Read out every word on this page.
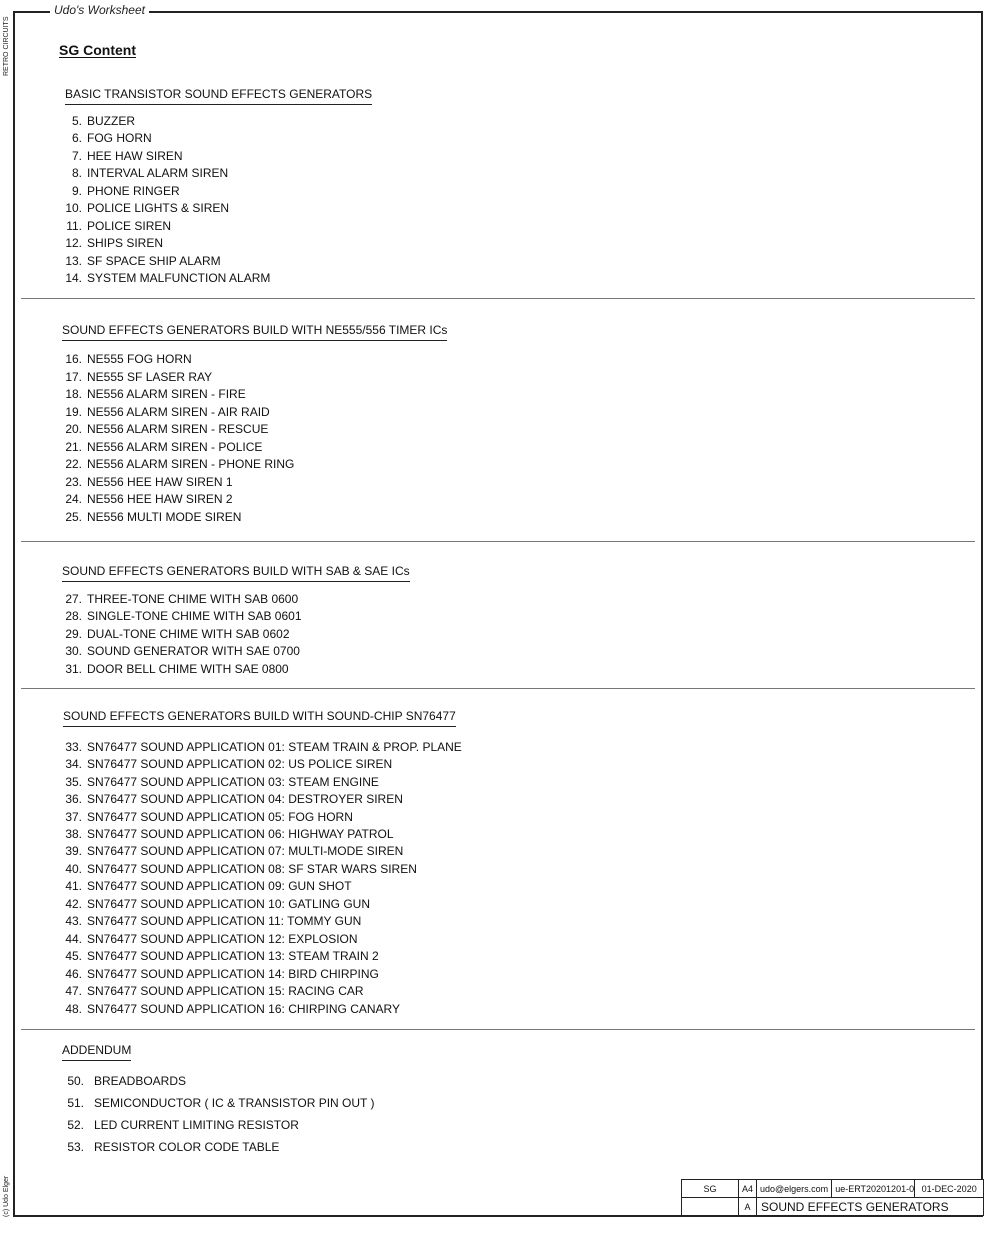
Udo's Worksheet
RETRO CIRCUITS
(c) Udo Elger
SG Content
BASIC TRANSISTOR SOUND EFFECTS GENERATORS
5. BUZZER
6. FOG HORN
7. HEE HAW SIREN
8. INTERVAL ALARM SIREN
9. PHONE RINGER
10. POLICE LIGHTS & SIREN
11. POLICE SIREN
12. SHIPS SIREN
13. SF SPACE SHIP ALARM
14. SYSTEM MALFUNCTION ALARM
SOUND EFFECTS GENERATORS BUILD WITH NE555/556 TIMER ICs
16. NE555 FOG HORN
17. NE555 SF LASER RAY
18. NE556 ALARM SIREN - FIRE
19. NE556 ALARM SIREN - AIR RAID
20. NE556 ALARM SIREN - RESCUE
21. NE556 ALARM SIREN - POLICE
22. NE556 ALARM SIREN - PHONE RING
23. NE556 HEE HAW SIREN 1
24. NE556 HEE HAW SIREN 2
25. NE556 MULTI MODE SIREN
SOUND EFFECTS GENERATORS BUILD WITH SAB & SAE ICs
27. THREE-TONE CHIME WITH SAB 0600
28. SINGLE-TONE CHIME WITH SAB 0601
29. DUAL-TONE CHIME WITH SAB 0602
30. SOUND GENERATOR WITH SAE 0700
31. DOOR BELL CHIME WITH SAE 0800
SOUND EFFECTS GENERATORS BUILD WITH SOUND-CHIP SN76477
33. SN76477 SOUND APPLICATION 01: STEAM TRAIN & PROP. PLANE
34. SN76477 SOUND APPLICATION 02: US POLICE SIREN
35. SN76477 SOUND APPLICATION 03: STEAM ENGINE
36. SN76477 SOUND APPLICATION 04: DESTROYER SIREN
37. SN76477 SOUND APPLICATION 05: FOG HORN
38. SN76477 SOUND APPLICATION 06: HIGHWAY PATROL
39. SN76477 SOUND APPLICATION 07: MULTI-MODE SIREN
40. SN76477 SOUND APPLICATION 08: SF STAR WARS SIREN
41. SN76477 SOUND APPLICATION 09: GUN SHOT
42. SN76477 SOUND APPLICATION 10: GATLING GUN
43. SN76477 SOUND APPLICATION 11: TOMMY GUN
44. SN76477 SOUND APPLICATION 12: EXPLOSION
45. SN76477 SOUND APPLICATION 13: STEAM TRAIN 2
46. SN76477 SOUND APPLICATION 14: BIRD CHIRPING
47. SN76477 SOUND APPLICATION 15: RACING CAR
48. SN76477 SOUND APPLICATION 16: CHIRPING CANARY
ADDENDUM
50. BREADBOARDS
51. SEMICONDUCTOR ( IC & TRANSISTOR PIN OUT )
52. LED CURRENT LIMITING RESISTOR
53. RESISTOR COLOR CODE TABLE
SG	A4	udo@elgers.com	ue-ERT20201201-0	01-DEC-2020
	A	SOUND EFFECTS GENERATORS		
